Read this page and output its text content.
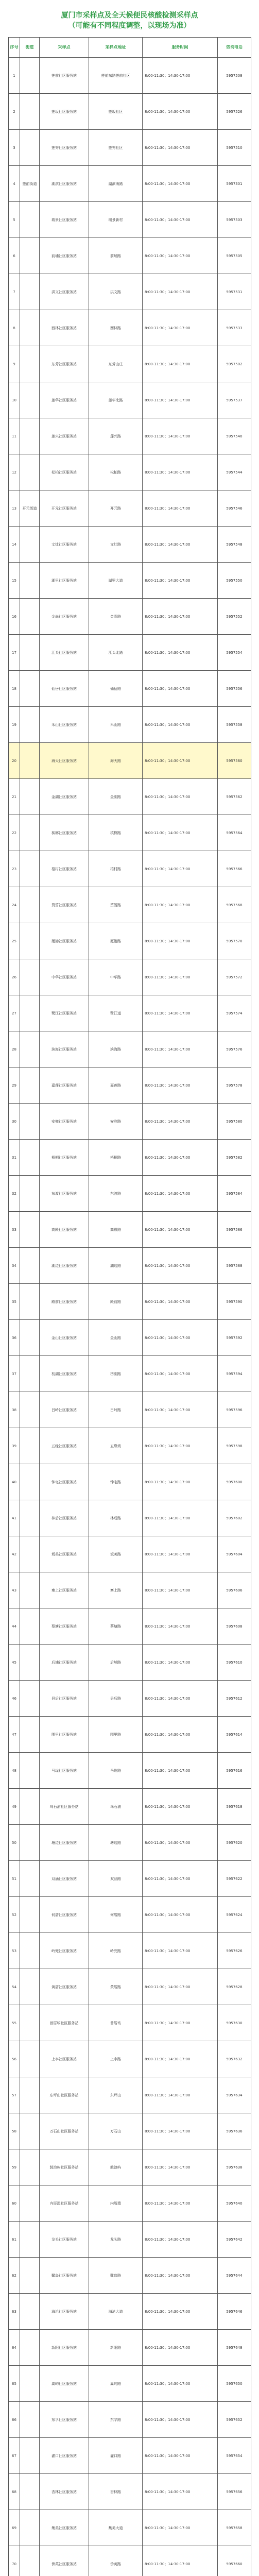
厦门市采样点及全天候便民核酸检测采样点
（可能有不同程度调整，以现场为准）
序号	街道	采样点	采样点地址	服务时间	咨询电话
1		莲前社区服务站	莲前东路莲前社区	8:00-11:30；14:30-17:00	5957508
2		莲坂社区服务站	莲坂社区	8:00-11:30；14:30-17:00	5957526
3		莲秀社区服务站	莲秀社区	8:00-11:30；14:30-17:00	5957510
4	莲前街道	湖滨社区服务站	湖滨南路	8:00-11:30；14:30-17:00	5957301
5		瑞景社区服务站	瑞景新村	8:00-11:30；14:30-17:00	5957503
6		前埔社区服务站	前埔路	8:00-11:30；14:30-17:00	5957505
7		洪文社区服务站	洪文路	8:00-11:30；14:30-17:00	5957531
8		西林社区服务站	西林路	8:00-11:30；14:30-17:00	5957533
9		东芳社区服务站	东芳山庄	8:00-11:30；14:30-17:00	5957502
10		莲华社区服务站	莲华北路	8:00-11:30；14:30-17:00	5957537
11		莲兴社区服务站	莲兴路	8:00-11:30；14:30-17:00	5957540
12		松柏社区服务站	松柏路	8:00-11:30；14:30-17:00	5957544
13	开元街道	开元社区服务站	开元路	8:00-11:30；14:30-17:00	5957546
14		文灶社区服务站	文灶路	8:00-11:30；14:30-17:00	5957548
15		湖里社区服务站	湖里大道	8:00-11:30；14:30-17:00	5957550
16		金尚社区服务站	金尚路	8:00-11:30；14:30-17:00	5957552
17		江头社区服务站	江头北路	8:00-11:30；14:30-17:00	5957554
18		仙岳社区服务站	仙岳路	8:00-11:30；14:30-17:00	5957556
19		禾山社区服务站	禾山路	8:00-11:30；14:30-17:00	5957558
20		海天社区服务站	海天路	8:00-11:30；14:30-17:00	5957560
21		金湖社区服务站	金湖路	8:00-11:30；14:30-17:00	5957562
22		槟榔社区服务站	槟榔路	8:00-11:30；14:30-17:00	5957564
23		梧村社区服务站	梧村路	8:00-11:30；14:30-17:00	5957566
24		筼筜社区服务站	筼筜路	8:00-11:30；14:30-17:00	5957568
25		厦港社区服务站	厦港路	8:00-11:30；14:30-17:00	5957570
26		中华社区服务站	中华路	8:00-11:30；14:30-17:00	5957572
27		鹭江社区服务站	鹭江道	8:00-11:30；14:30-17:00	5957574
28		滨海社区服务站	滨海路	8:00-11:30；14:30-17:00	5957576
29		嘉莲社区服务站	嘉莲路	8:00-11:30；14:30-17:00	5957578
30		安兜社区服务站	安兜路	8:00-11:30；14:30-17:00	5957580
31		梧桐社区服务站	梧桐路	8:00-11:30；14:30-17:00	5957582
32		东渡社区服务站	东渡路	8:00-11:30；14:30-17:00	5957584
33		高殿社区服务站	高殿路	8:00-11:30；14:30-17:00	5957586
34		湖边社区服务站	湖边路	8:00-11:30；14:30-17:00	5957588
35		殿前社区服务站	殿前路	8:00-11:30；14:30-17:00	5957590
36		金山社区服务站	金山路	8:00-11:30；14:30-17:00	5957592
37		枋湖社区服务站	枋湖路	8:00-11:30；14:30-17:00	5957594
38		吕岭社区服务站	吕岭路	8:00-11:30；14:30-17:00	5957596
39		五缘社区服务站	五缘湾	8:00-11:30；14:30-17:00	5957598
40		钟宅社区服务站	钟宅路	8:00-11:30；14:30-17:00	5957600
41		林后社区服务站	林后路	8:00-11:30；14:30-17:00	5957602
42		坂美社区服务站	坂美路	8:00-11:30；14:30-17:00	5957604
43		寨上社区服务站	寨上路	8:00-11:30；14:30-17:00	5957606
44		蔡塘社区服务站	蔡塘路	8:00-11:30；14:30-17:00	5957608
45		后埔社区服务站	后埔路	8:00-11:30；14:30-17:00	5957610
46		县后社区服务站	县后路	8:00-11:30；14:30-17:00	5957612
47		围里社区服务站	围里路	8:00-11:30；14:30-17:00	5957614
48		马垅社区服务站	马垅路	8:00-11:30；14:30-17:00	5957616
49		乌石浦社区服务站	乌石浦	8:00-11:30；14:30-17:00	5957618
50		塘边社区服务站	塘边路	8:00-11:30；14:30-17:00	5957620
51		双涵社区服务站	双涵路	8:00-11:30；14:30-17:00	5957622
52		何厝社区服务站	何厝路	8:00-11:30；14:30-17:00	5957624
53		岭兜社区服务站	岭兜路	8:00-11:30；14:30-17:00	5957626
54		黄厝社区服务站	黄厝路	8:00-11:30；14:30-17:00	5957628
55		曾厝垵社区服务站	曾厝垵	8:00-11:30；14:30-17:00	5957630
56		上李社区服务站	上李路	8:00-11:30；14:30-17:00	5957632
57		东坪山社区服务站	东坪山	8:00-11:30；14:30-17:00	5957634
58		万石山社区服务站	万石山	8:00-11:30；14:30-17:00	5957636
59		鼓浪屿社区服务站	鼓浪屿	8:00-11:30；14:30-17:00	5957638
60		内厝澳社区服务站	内厝澳	8:00-11:30；14:30-17:00	5957640
61		龙头社区服务站	龙头路	8:00-11:30；14:30-17:00	5957642
62		鹭岛社区服务站	鹭岛路	8:00-11:30；14:30-17:00	5957644
63		海沧社区服务站	海沧大道	8:00-11:30；14:30-17:00	5957646
64		新阳社区服务站	新阳路	8:00-11:30；14:30-17:00	5957648
65		嵩屿社区服务站	嵩屿路	8:00-11:30；14:30-17:00	5957650
66		东孚社区服务站	东孚路	8:00-11:30；14:30-17:00	5957652
67		灌口社区服务站	灌口路	8:00-11:30；14:30-17:00	5957654
68		杏林社区服务站	杏林路	8:00-11:30；14:30-17:00	5957656
69		集美社区服务站	集美大道	8:00-11:30；14:30-17:00	5957658
70		侨英社区服务站	侨英路	8:00-11:30；14:30-17:00	5957660
